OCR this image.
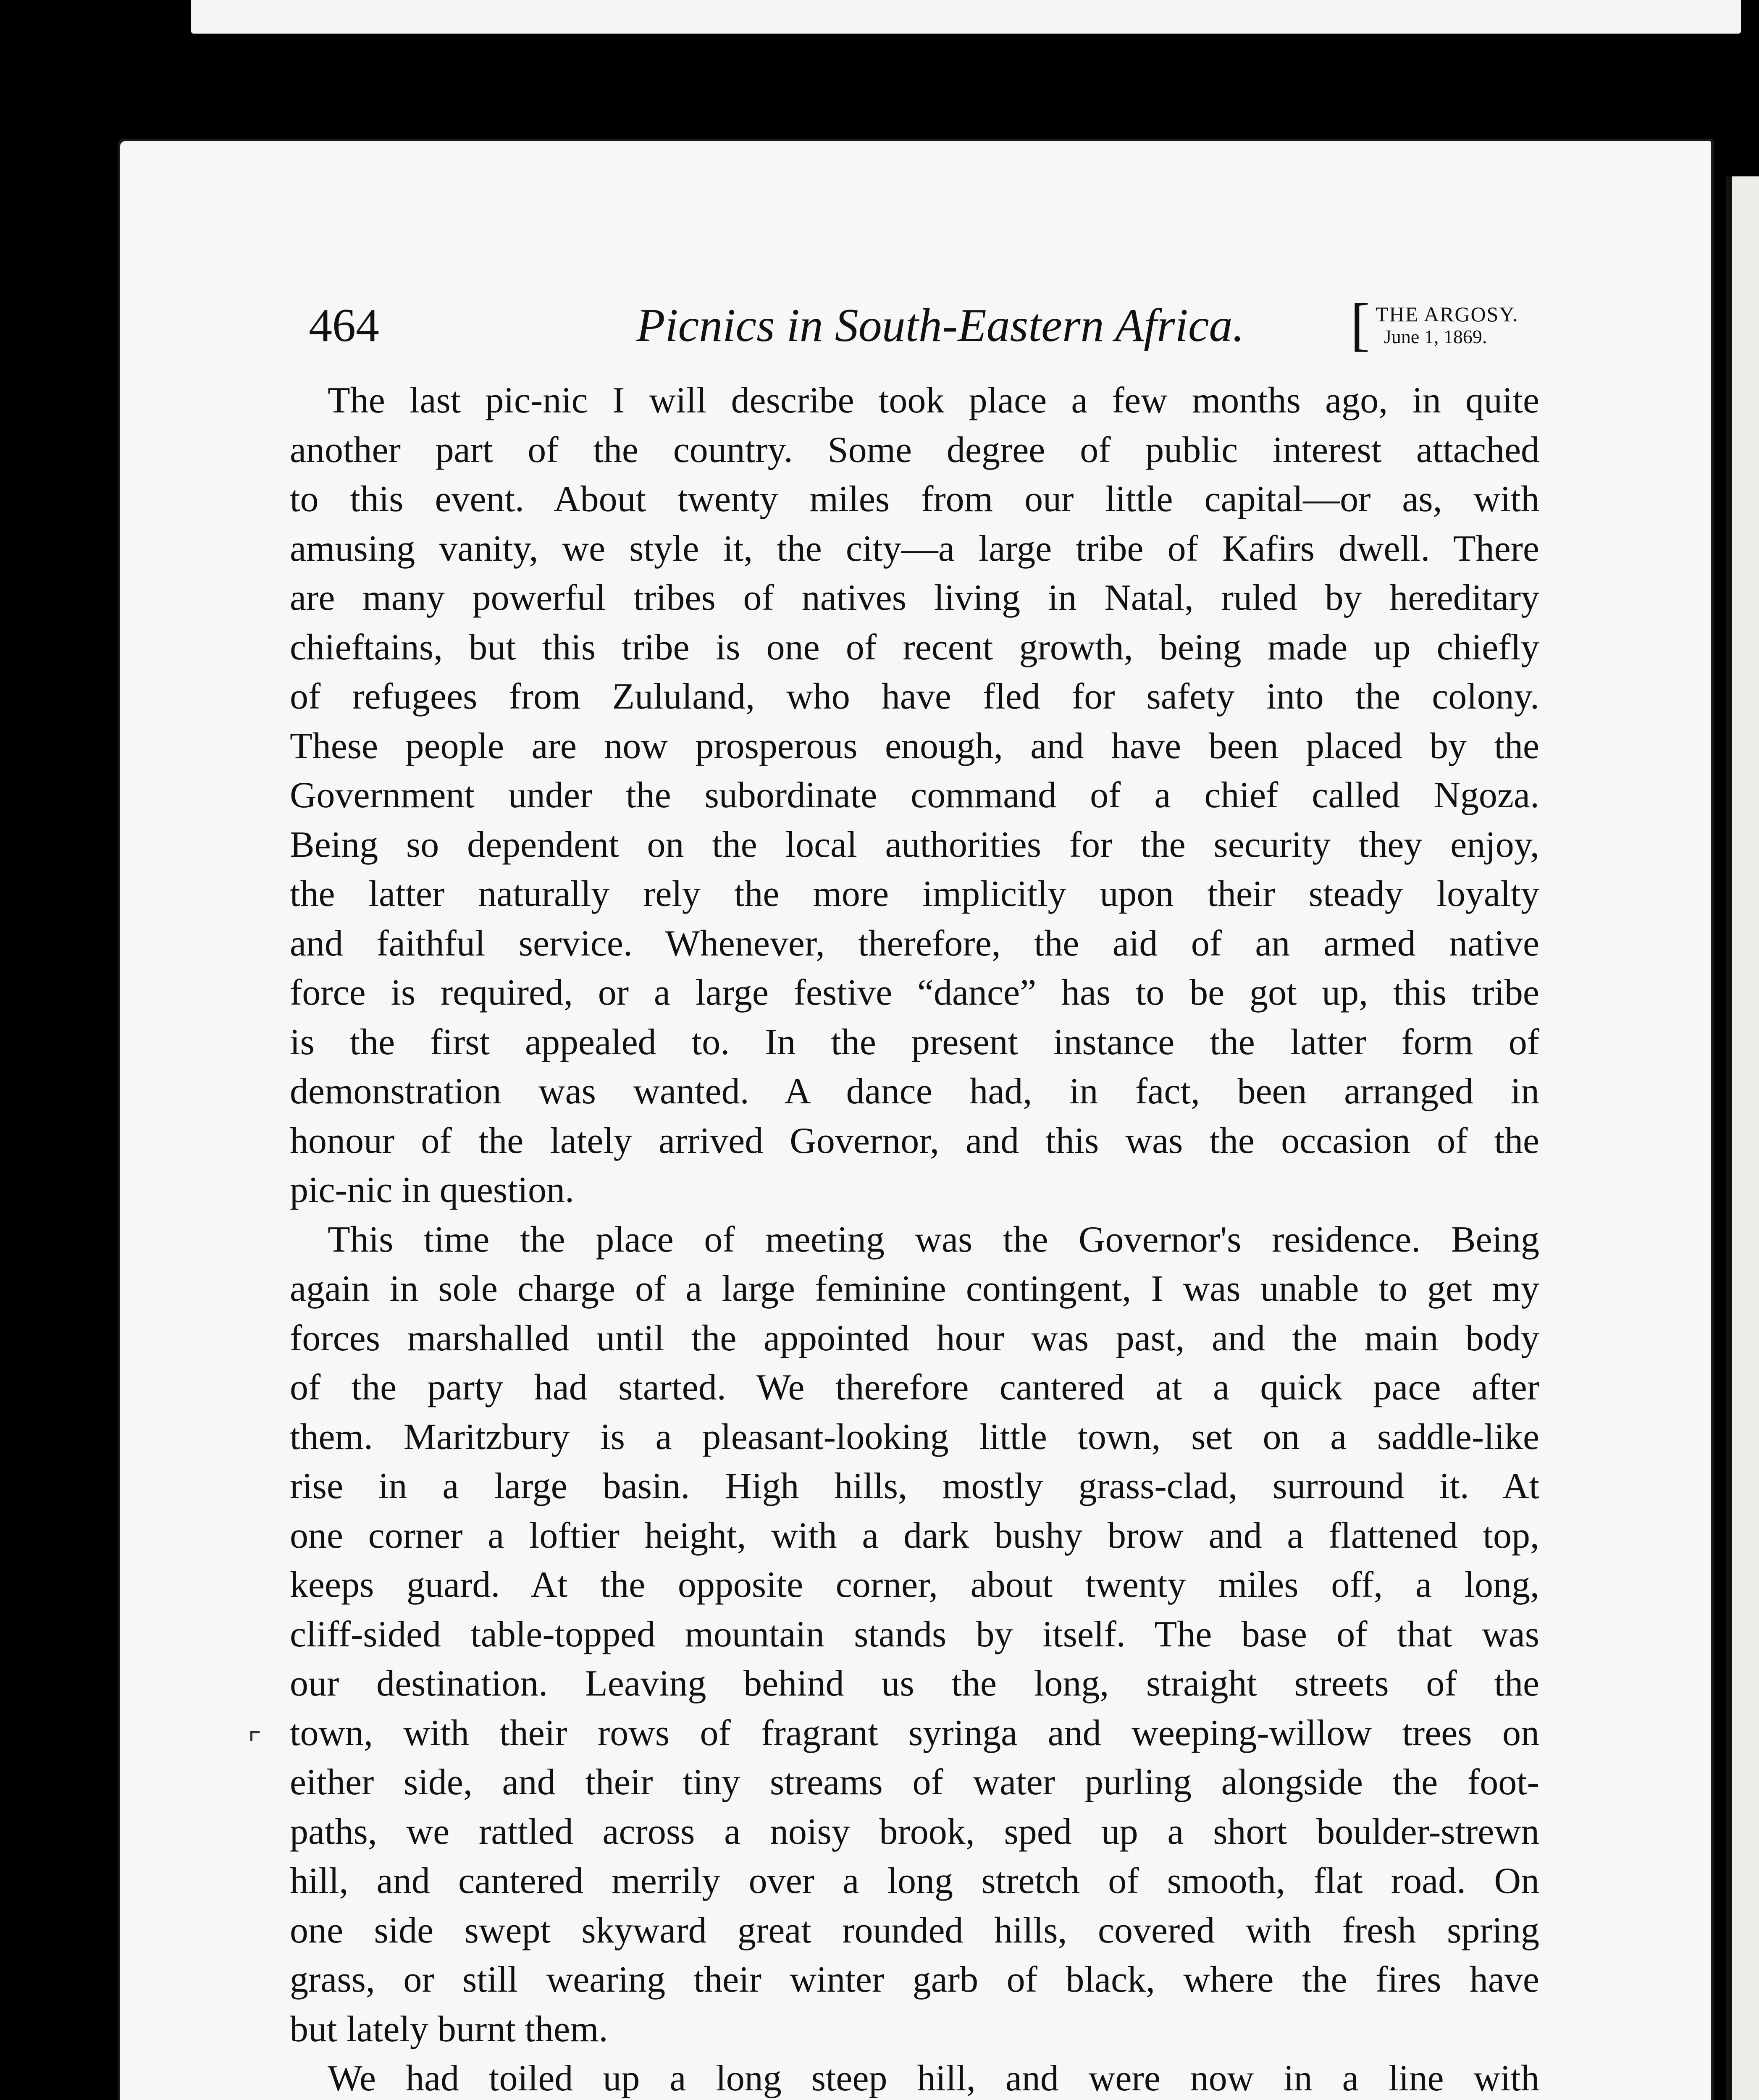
464	Picnics in South-Eastern Africa. [ THE ARGOSY.
June 1, 1869.

The last pic-nic I will describe took place a few months ago, in quite
another part of the country. Some degree of public interest attached
to this event. About twenty miles from our little capital—or as, with
amusing vanity, we style it, the city—a large tribe of Kafirs dwell. There
are many powerful tribes of natives living in Natal, ruled by hereditary
chieftains, but this tribe is one of recent growth, being made up chiefly
of refugees from Zululand, who have fled for safety into the colony.
These people are now prosperous enough, and have been placed by the
Government under the subordinate command of a chief called Ngoza.
Being so dependent on the local authorities for the security they enjoy,
the latter naturally rely the more implicitly upon their steady loyalty
and faithful service. Whenever, therefore, the aid of an armed native
force is required, or a large festive “dance” has to be got up, this tribe
is the first appealed to. In the present instance the latter form of
demonstration was wanted. A dance had, in fact, been arranged in
honour of the lately arrived Governor, and this was the occasion of the
pic-nic in question.

This time the place of meeting was the Governor's residence. Being
again in sole charge of a large feminine contingent, I was unable to get my
forces marshalled until the appointed hour was past, and the main body
of the party had started. We therefore cantered at a quick pace after
them. Maritzbury is a pleasant-looking little town, set on a saddle-like
rise in a large basin. High hills, mostly grass-clad, surround it. At
one corner a loftier height, with a dark bushy brow and a flattened top,
keeps guard. At the opposite corner, about twenty miles off, a long,
cliff-sided table-topped mountain stands by itself. The base of that was
our destination. Leaving behind us the long, straight streets of the
town, with their rows of fragrant syringa and weeping-willow trees on
either side, and their tiny streams of water purling alongside the foot-
paths, we rattled across a noisy brook, sped up a short boulder-strewn
hill, and cantered merrily over a long stretch of smooth, flat road. On
one side swept skyward great rounded hills, covered with fresh spring
grass, or still wearing their winter garb of black, where the fires have
but lately burnt them.

We had toiled up a long steep hill, and were now in a line with

⌜
